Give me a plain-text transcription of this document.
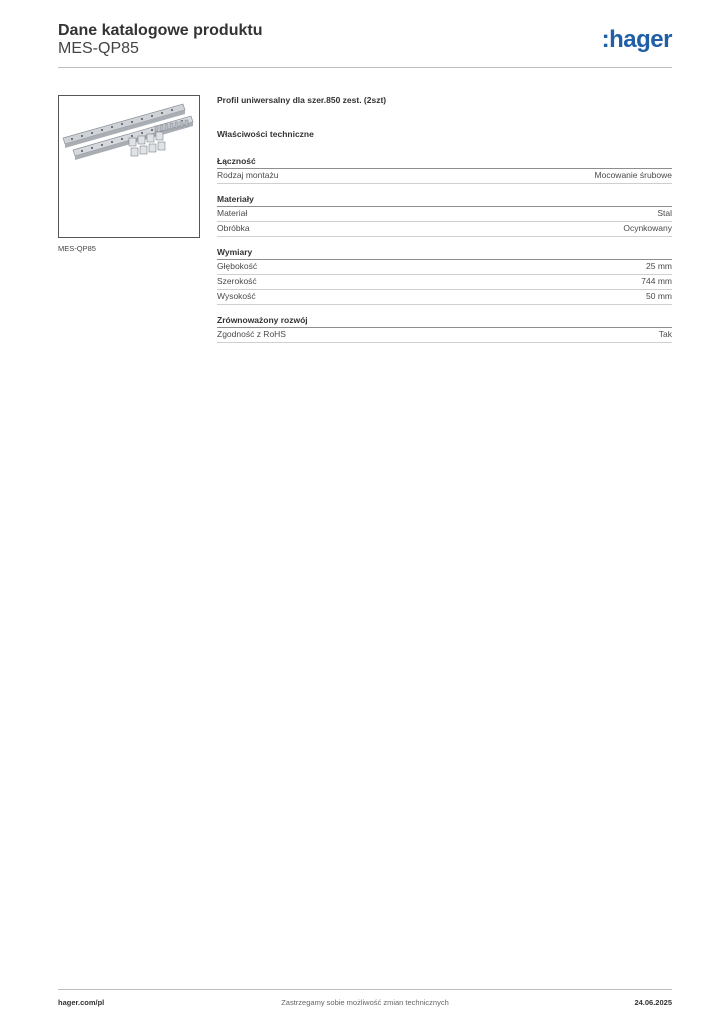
Dane katalogowe produktu
MES-QP85	:hager
MES-QP85
Profil uniwersalny dla szer.850 zest. (2szt)
Właściwości techniczne
Łączność
Rodzaj montażu	Mocowanie śrubowe
Materiały
Materiał	Stal
Obróbka	Ocynkowany
Wymiary
Głębokość	25 mm
Szerokość	744 mm
Wysokość	50 mm
Zrównoważony rozwój
Zgodność z RoHS	Tak
hager.com/pl	Zastrzegamy sobie możliwość zmian technicznych	24.06.2025
